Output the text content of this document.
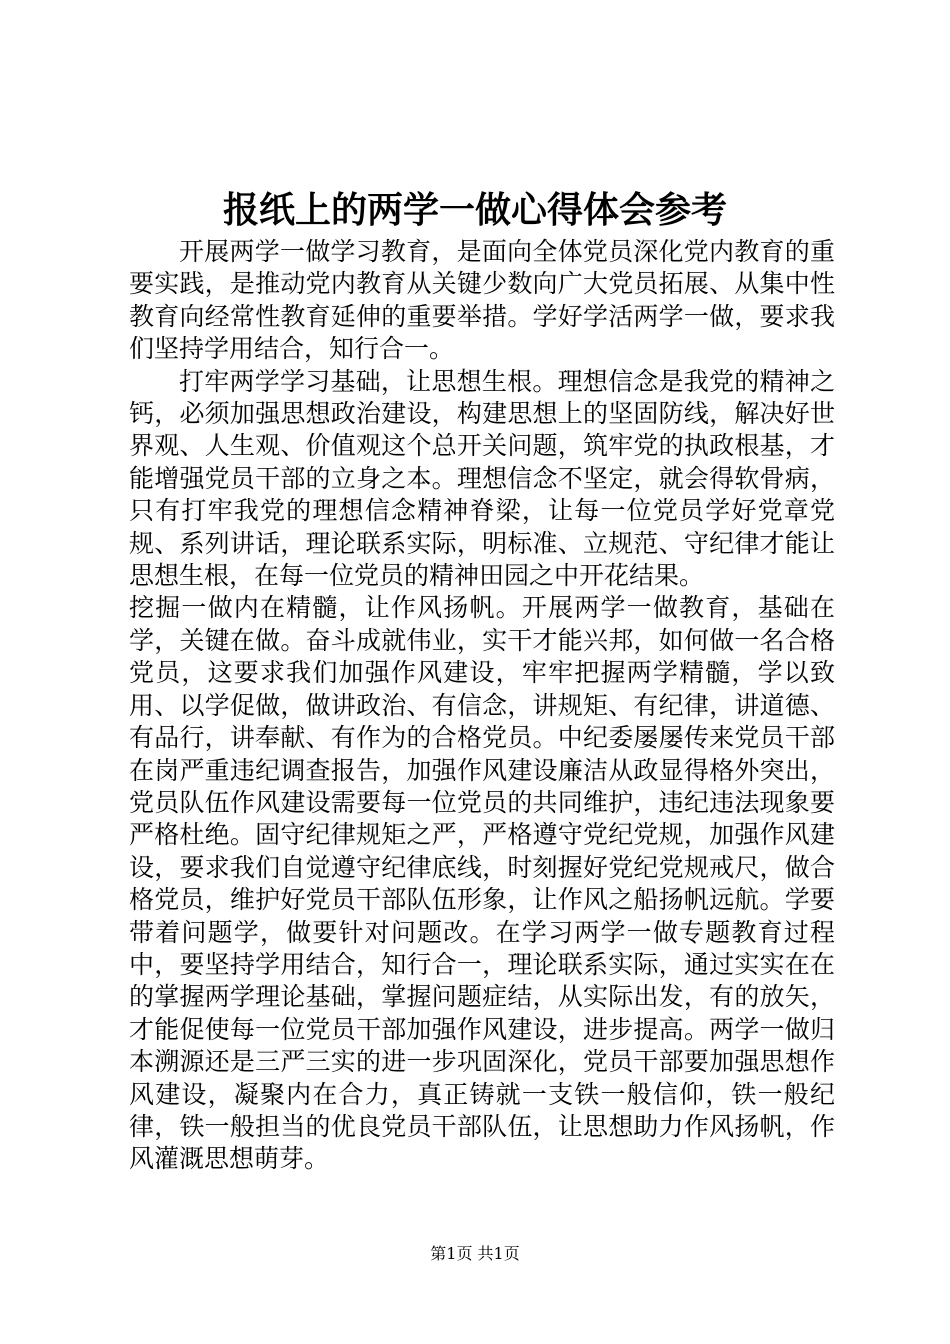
报纸上的两学一做心得体会参考

开展两学一做学习教育，是面向全体党员深化党内教育的重要实践，是推动党内教育从关键少数向广大党员拓展、从集中性教育向经常性教育延伸的重要举措。学好学活两学一做，要求我们坚持学用结合，知行合一。

打牢两学学习基础，让思想生根。理想信念是我党的精神之钙，必须加强思想政治建设，构建思想上的坚固防线，解决好世界观、人生观、价值观这个总开关问题，筑牢党的执政根基，才能增强党员干部的立身之本。理想信念不坚定，就会得软骨病，只有打牢我党的理想信念精神脊梁，让每一位党员学好党章党规、系列讲话，理论联系实际，明标准、立规范、守纪律才能让思想生根，在每一位党员的精神田园之中开花结果。

挖掘一做内在精髓，让作风扬帆。开展两学一做教育，基础在学，关键在做。奋斗成就伟业，实干才能兴邦，如何做一名合格党员，这要求我们加强作风建设，牢牢把握两学精髓，学以致用、以学促做，做讲政治、有信念，讲规矩、有纪律，讲道德、有品行，讲奉献、有作为的合格党员。中纪委屡屡传来党员干部在岗严重违纪调查报告，加强作风建设廉洁从政显得格外突出，党员队伍作风建设需要每一位党员的共同维护，违纪违法现象要严格杜绝。固守纪律规矩之严，严格遵守党纪党规，加强作风建设，要求我们自觉遵守纪律底线，时刻握好党纪党规戒尺，做合格党员，维护好党员干部队伍形象，让作风之船扬帆远航。学要带着问题学，做要针对问题改。在学习两学一做专题教育过程中，要坚持学用结合，知行合一，理论联系实际，通过实实在在的掌握两学理论基础，掌握问题症结，从实际出发，有的放矢，才能促使每一位党员干部加强作风建设，进步提高。两学一做归本溯源还是三严三实的进一步巩固深化，党员干部要加强思想作风建设，凝聚内在合力，真正铸就一支铁一般信仰，铁一般纪律，铁一般担当的优良党员干部队伍，让思想助力作风扬帆，作风灌溉思想萌芽。

第1页 共1页
